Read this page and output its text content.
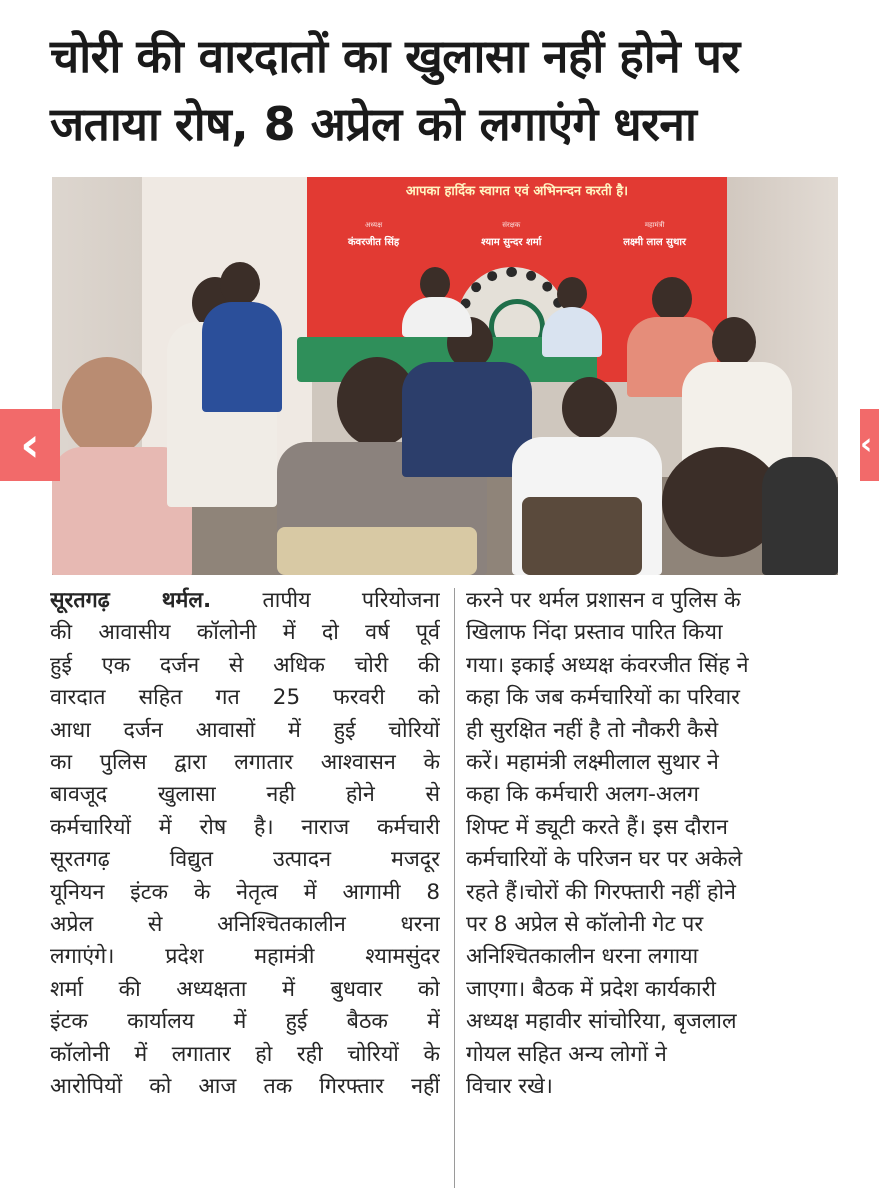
चोरी की वारदातों का खुलासा नहीं होने पर
जताया रोष, 8 अप्रेल को लगाएंगे धरना
आपका हार्दिक स्वागत एवं अभिनन्दन करती है।
अध्यक्ष
कंवरजीत सिंह
संरक्षक
श्याम सुन्दर शर्मा
महामंत्री
लक्ष्मी लाल सुथार
‹	‹
सूरतगढ़ थर्मल. तापीय परियोजना
की आवासीय कॉलोनी में दो वर्ष पूर्व
हुई एक दर्जन से अधिक चोरी की
वारदात सहित गत 25 फरवरी को
आधा दर्जन आवासों में हुई चोरियों
का पुलिस द्वारा लगातार आश्वासन के
बावजूद खुलासा नही होने से
कर्मचारियों में रोष है। नाराज कर्मचारी
सूरतगढ़ विद्युत उत्पादन मजदूर
यूनियन इंटक के नेतृत्व में आगामी 8
अप्रेल से अनिश्चितकालीन धरना
लगाएंगे। प्रदेश महामंत्री श्यामसुंदर
शर्मा की अध्यक्षता में बुधवार को
इंटक कार्यालय में हुई बैठक में
कॉलोनी में लगातार हो रही चोरियों के
आरोपियों को आज तक गिरफ्तार नहीं
करने पर थर्मल प्रशासन व पुलिस के
खिलाफ निंदा प्रस्ताव पारित किया
गया। इकाई अध्यक्ष कंवरजीत सिंह ने
कहा कि जब कर्मचारियों का परिवार
ही सुरक्षित नहीं है तो नौकरी कैसे
करें। महामंत्री लक्ष्मीलाल सुथार ने
कहा कि कर्मचारी अलग-अलग
शिफ्ट में ड्यूटी करते हैं। इस दौरान
कर्मचारियों के परिजन घर पर अकेले
रहते हैं।चोरों की गिरफ्तारी नहीं होने
पर 8 अप्रेल से कॉलोनी गेट पर
अनिश्चितकालीन धरना लगाया
जाएगा। बैठक में प्रदेश कार्यकारी
अध्यक्ष महावीर सांचोरिया, बृजलाल
गोयल सहित अन्य लोगों ने
विचार रखे।
